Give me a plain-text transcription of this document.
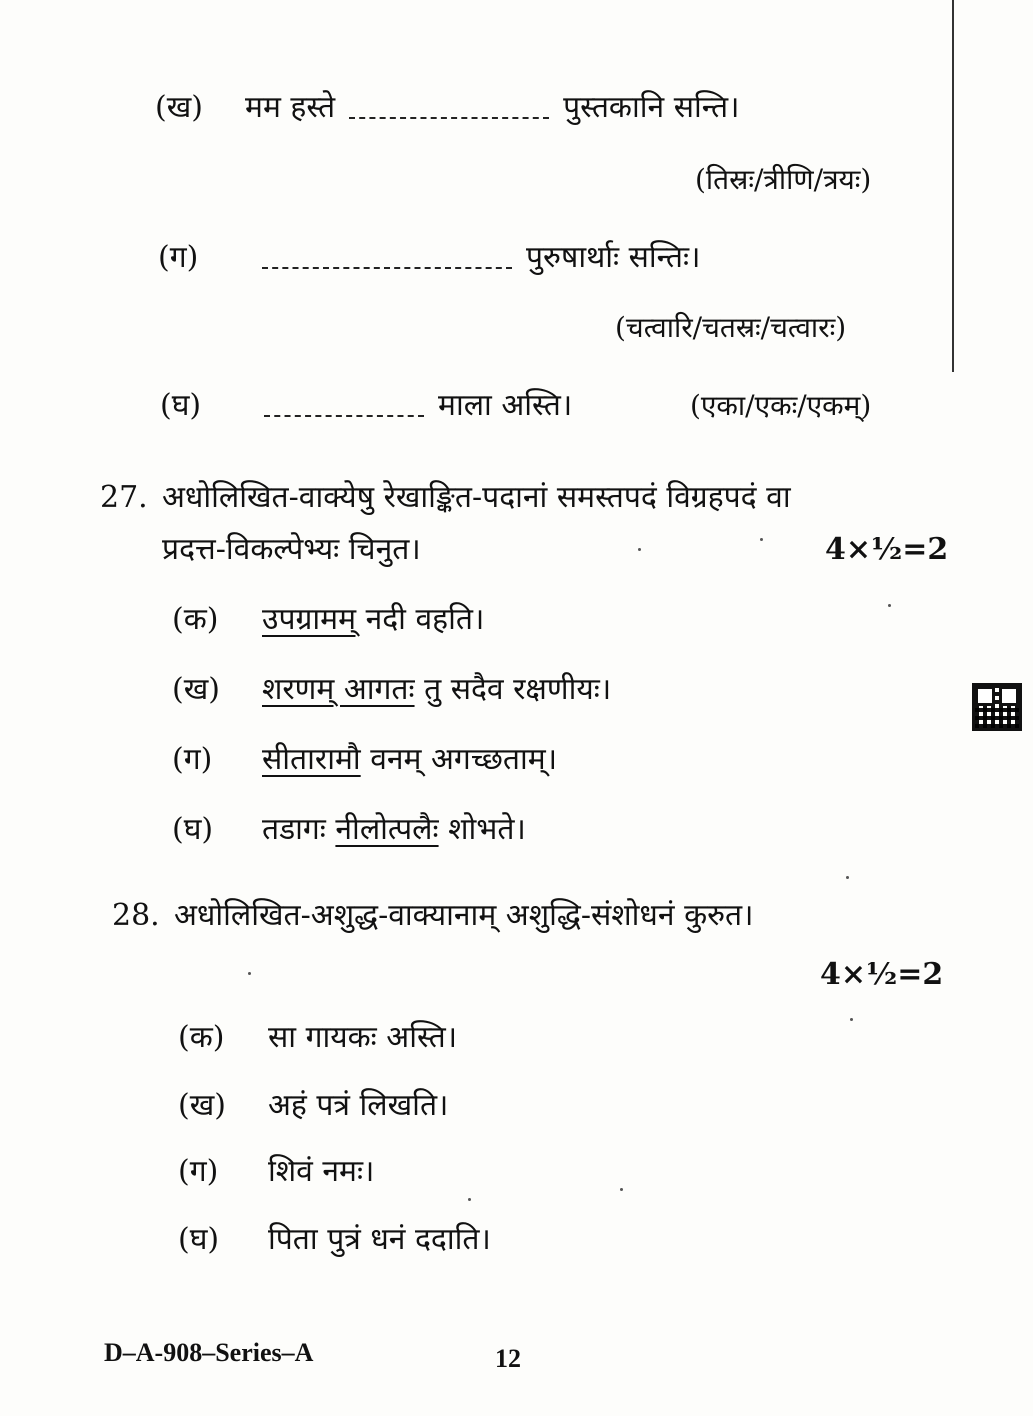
(ख) मम हस्ते	पुस्तकानि सन्ति।
(तिस्रः/त्रीणि/त्रयः)
(ग)	पुरुषार्थाः सन्तिः।
(चत्वारि/चतस्रः/चत्वारः)
(घ)	माला अस्ति।	(एका/एकः/एकम्)
27. अधोलिखित-वाक्येषु रेखाङ्कित-पदानां समस्तपदं विग्रहपदं वा
प्रदत्त-विकल्पेभ्यः चिनुत।	4×½=2
(क) उपग्रामम् नदी वहति।
(ख) शरणम् आगतः तु सदैव रक्षणीयः।
(ग) सीतारामौ वनम् अगच्छताम्।
(घ) तडागः नीलोत्पलैः शोभते।
28. अधोलिखित-अशुद्ध-वाक्यानाम् अशुद्धि-संशोधनं कुरुत।
4×½=2
(क) सा गायकः अस्ति।
(ख) अहं पत्रं लिखति।
(ग) शिवं नमः।
(घ) पिता पुत्रं धनं ददाति।
D–A-908–Series–A	12
